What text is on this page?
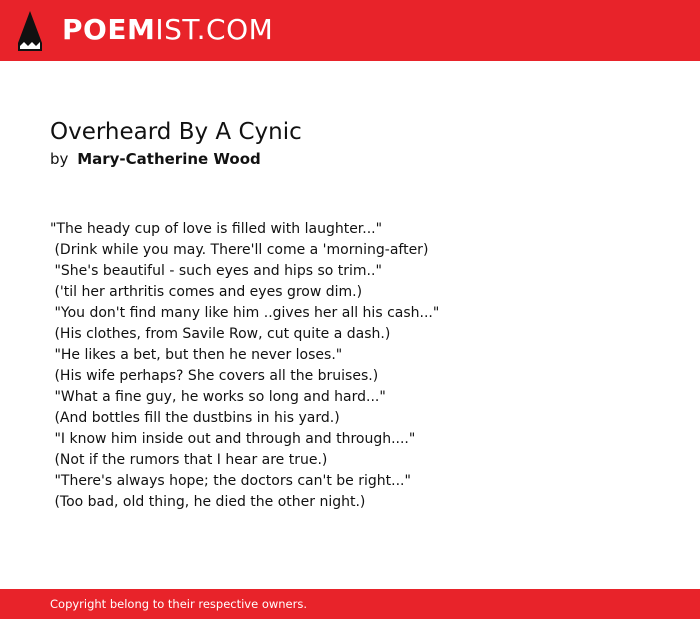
POEMIST.COM
Overheard By A Cynic
by Mary-Catherine Wood
"The heady cup of love is filled with laughter..."
(Drink while you may. There'll come a 'morning-after)
"She's beautiful - such eyes and hips so trim.."
('til her arthritis comes and eyes grow dim.)
"You don't find many like him ..gives her all his cash..."
(His clothes, from Savile Row, cut quite a dash.)
"He likes a bet, but then he never loses."
(His wife perhaps? She covers all the bruises.)
"What a fine guy, he works so long and hard..."
(And bottles fill the dustbins in his yard.)
"I know him inside out and through and through...."
(Not if the rumors that I hear are true.)
"There's always hope; the doctors can't be right..."
(Too bad, old thing, he died the other night.)
Copyright belong to their respective owners.
